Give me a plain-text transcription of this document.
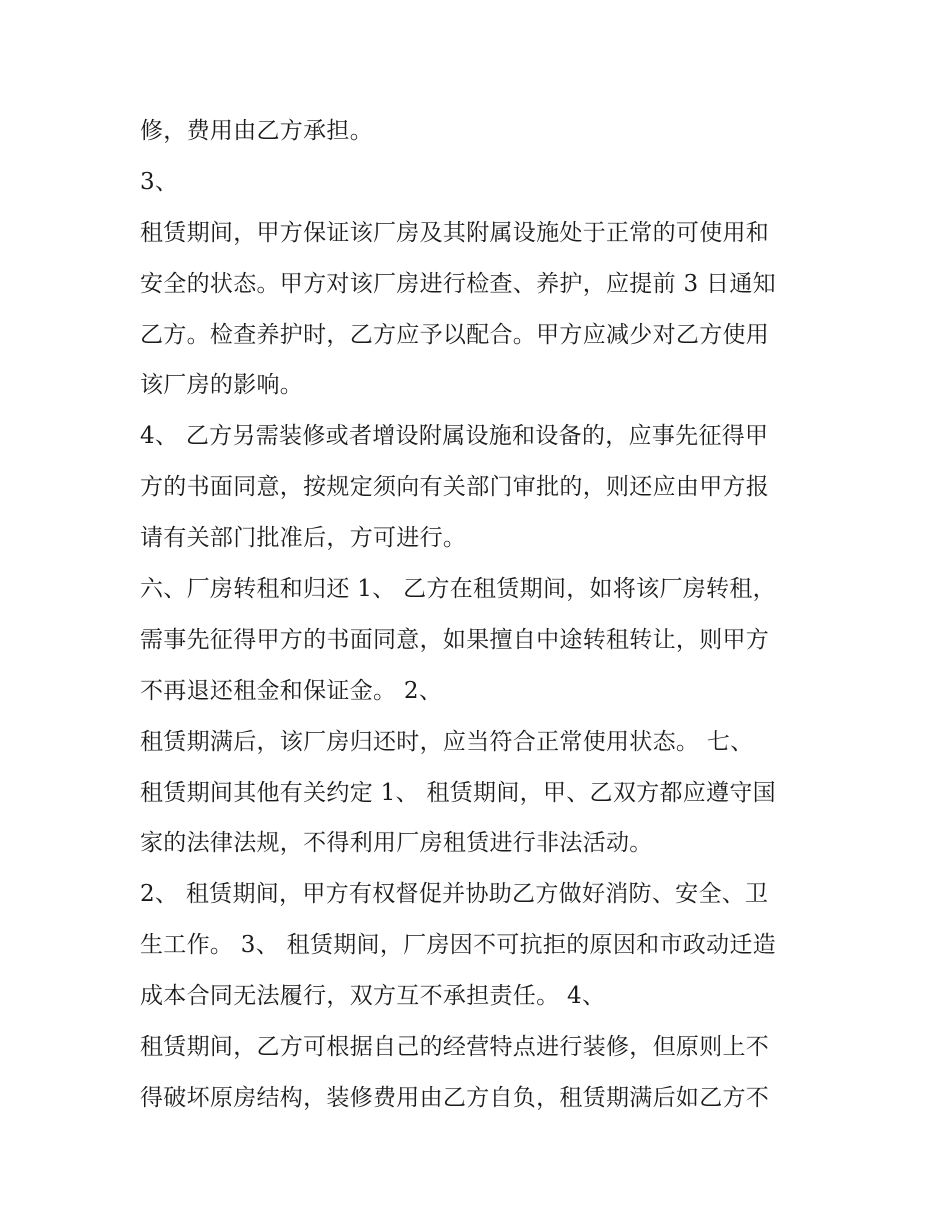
修，费用由乙方承担。
3、
租赁期间，甲方保证该厂房及其附属设施处于正常的可使用和
安全的状态。甲方对该厂房进行检查、养护，应提前 3 日通知
乙方。检查养护时，乙方应予以配合。甲方应减少对乙方使用
该厂房的影响。
4、 乙方另需装修或者增设附属设施和设备的，应事先征得甲
方的书面同意，按规定须向有关部门审批的，则还应由甲方报
请有关部门批准后，方可进行。
六、厂房转租和归还 1、 乙方在租赁期间，如将该厂房转租，
需事先征得甲方的书面同意，如果擅自中途转租转让，则甲方
不再退还租金和保证金。 2、
租赁期满后，该厂房归还时，应当符合正常使用状态。 七、
租赁期间其他有关约定 1、 租赁期间，甲、乙双方都应遵守国
家的法律法规，不得利用厂房租赁进行非法活动。
2、 租赁期间，甲方有权督促并协助乙方做好消防、安全、卫
生工作。 3、 租赁期间，厂房因不可抗拒的原因和市政动迁造
成本合同无法履行，双方互不承担责任。 4、
租赁期间，乙方可根据自己的经营特点进行装修，但原则上不
得破坏原房结构，装修费用由乙方自负，租赁期满后如乙方不
